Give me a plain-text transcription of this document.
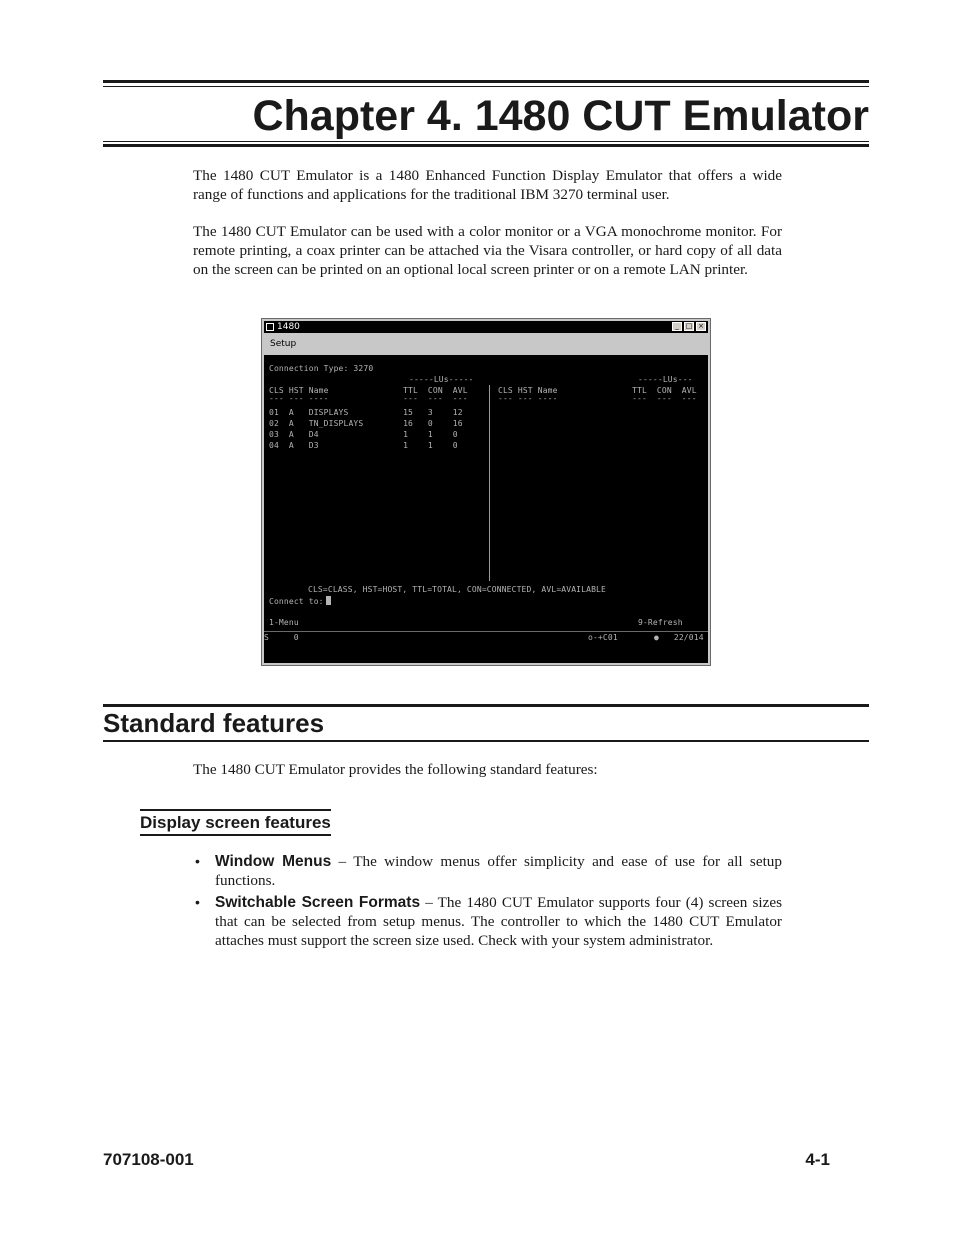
Chapter 4. 1480 CUT Emulator

The 1480 CUT Emulator is a 1480 Enhanced Function Display Emulator that offers a wide range of functions and applications for the traditional IBM 3270 terminal user.

The 1480 CUT Emulator can be used with a color monitor or a VGA monochrome monitor. For remote printing, a coax printer can be attached via the Visara controller, or hard copy of all data on the screen can be printed on an optional local screen printer or on a remote LAN printer.

1480	_ □ ×
Setup
Connection Type: 3270
-----LUs-----	-----LUs---
CLS HST Name               TTL  CON  AVL	CLS HST Name               TTL  CON  AVL
--- --- ----               ---  ---  ---	--- --- ----               ---  ---  ---
01  A   DISPLAYS           15   3    12
02  A   TN_DISPLAYS        16   0    16
03  A   D4                 1    1    0
04  A   D3                 1    1    0
CLS=CLASS, HST=HOST, TTL=TOTAL, CON=CONNECTED, AVL=AVAILABLE
Connect to:
1-Menu	9-Refresh
S     0	o-+C01	●   22/014
Standard features

The 1480 CUT Emulator provides the following standard features:

Display screen features
• Window Menus – The window menus offer simplicity and ease of use for all setup functions.
• Switchable Screen Formats – The 1480 CUT Emulator supports four (4) screen sizes that can be selected from setup menus. The controller to which the 1480 CUT Emulator attaches must support the screen size used. Check with your system administrator.
707108-001	4-1
